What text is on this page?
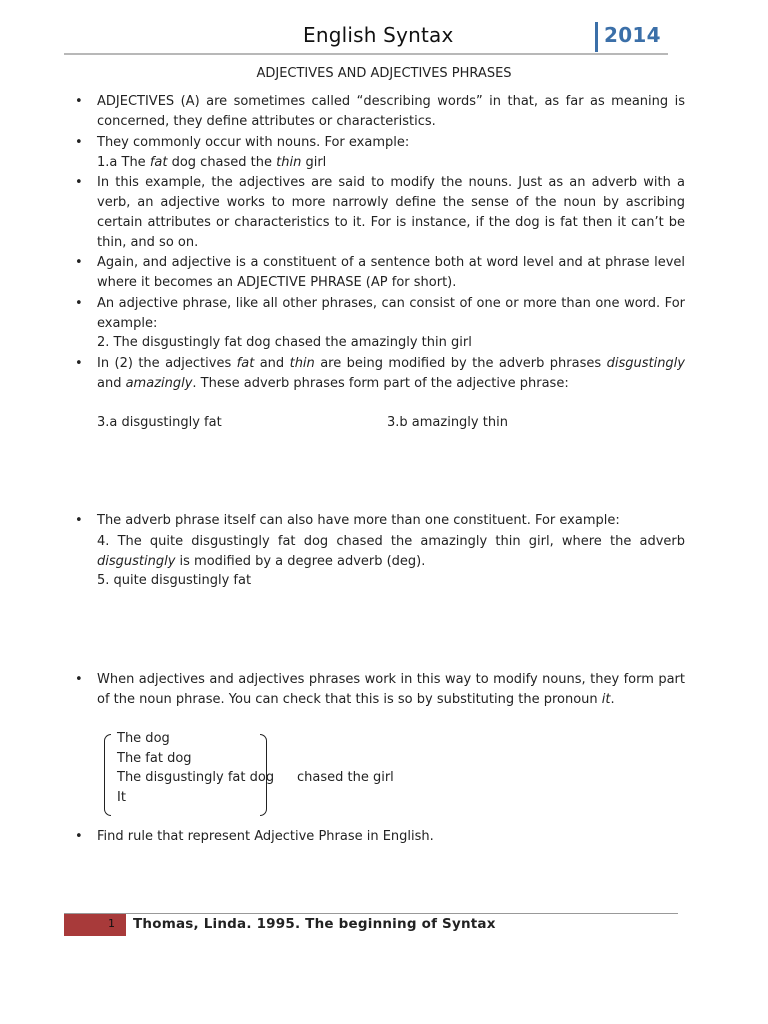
English Syntax	2014
ADJECTIVES AND ADJECTIVES PHRASES
• ADJECTIVES (A) are sometimes called “describing words” in that, as far as meaning is concerned, they define attributes or characteristics.
• They commonly occur with nouns. For example:
1.a The fat dog chased the thin girl
• In this example, the adjectives are said to modify the nouns. Just as an adverb with a verb, an adjective works to more narrowly define the sense of the noun by ascribing certain attributes or characteristics to it. For is instance, if the dog is fat then it can’t be thin, and so on.
• Again, and adjective is a constituent of a sentence both at word level and at phrase level where it becomes an ADJECTIVE PHRASE (AP for short).
• An adjective phrase, like all other phrases, can consist of one or more than one word. For example:
2. The disgustingly fat dog chased the amazingly thin girl
• In (2) the adjectives fat and thin are being modified by the adverb phrases disgustingly and amazingly. These adverb phrases form part of the adjective phrase:
3.a disgustingly fat	3.b amazingly thin
• The adverb phrase itself can also have more than one constituent. For example:
4. The quite disgustingly fat dog chased the amazingly thin girl, where the adverb disgustingly is modified by a degree adverb (deg).
5. quite disgustingly fat
• When adjectives and adjectives phrases work in this way to modify nouns, they form part of the noun phrase. You can check that this is so by substituting the pronoun it.
The dog
The fat dog
The disgustingly fat dog chased the girl
It
• Find rule that represent Adjective Phrase in English.
1 Thomas, Linda. 1995. The beginning of Syntax
